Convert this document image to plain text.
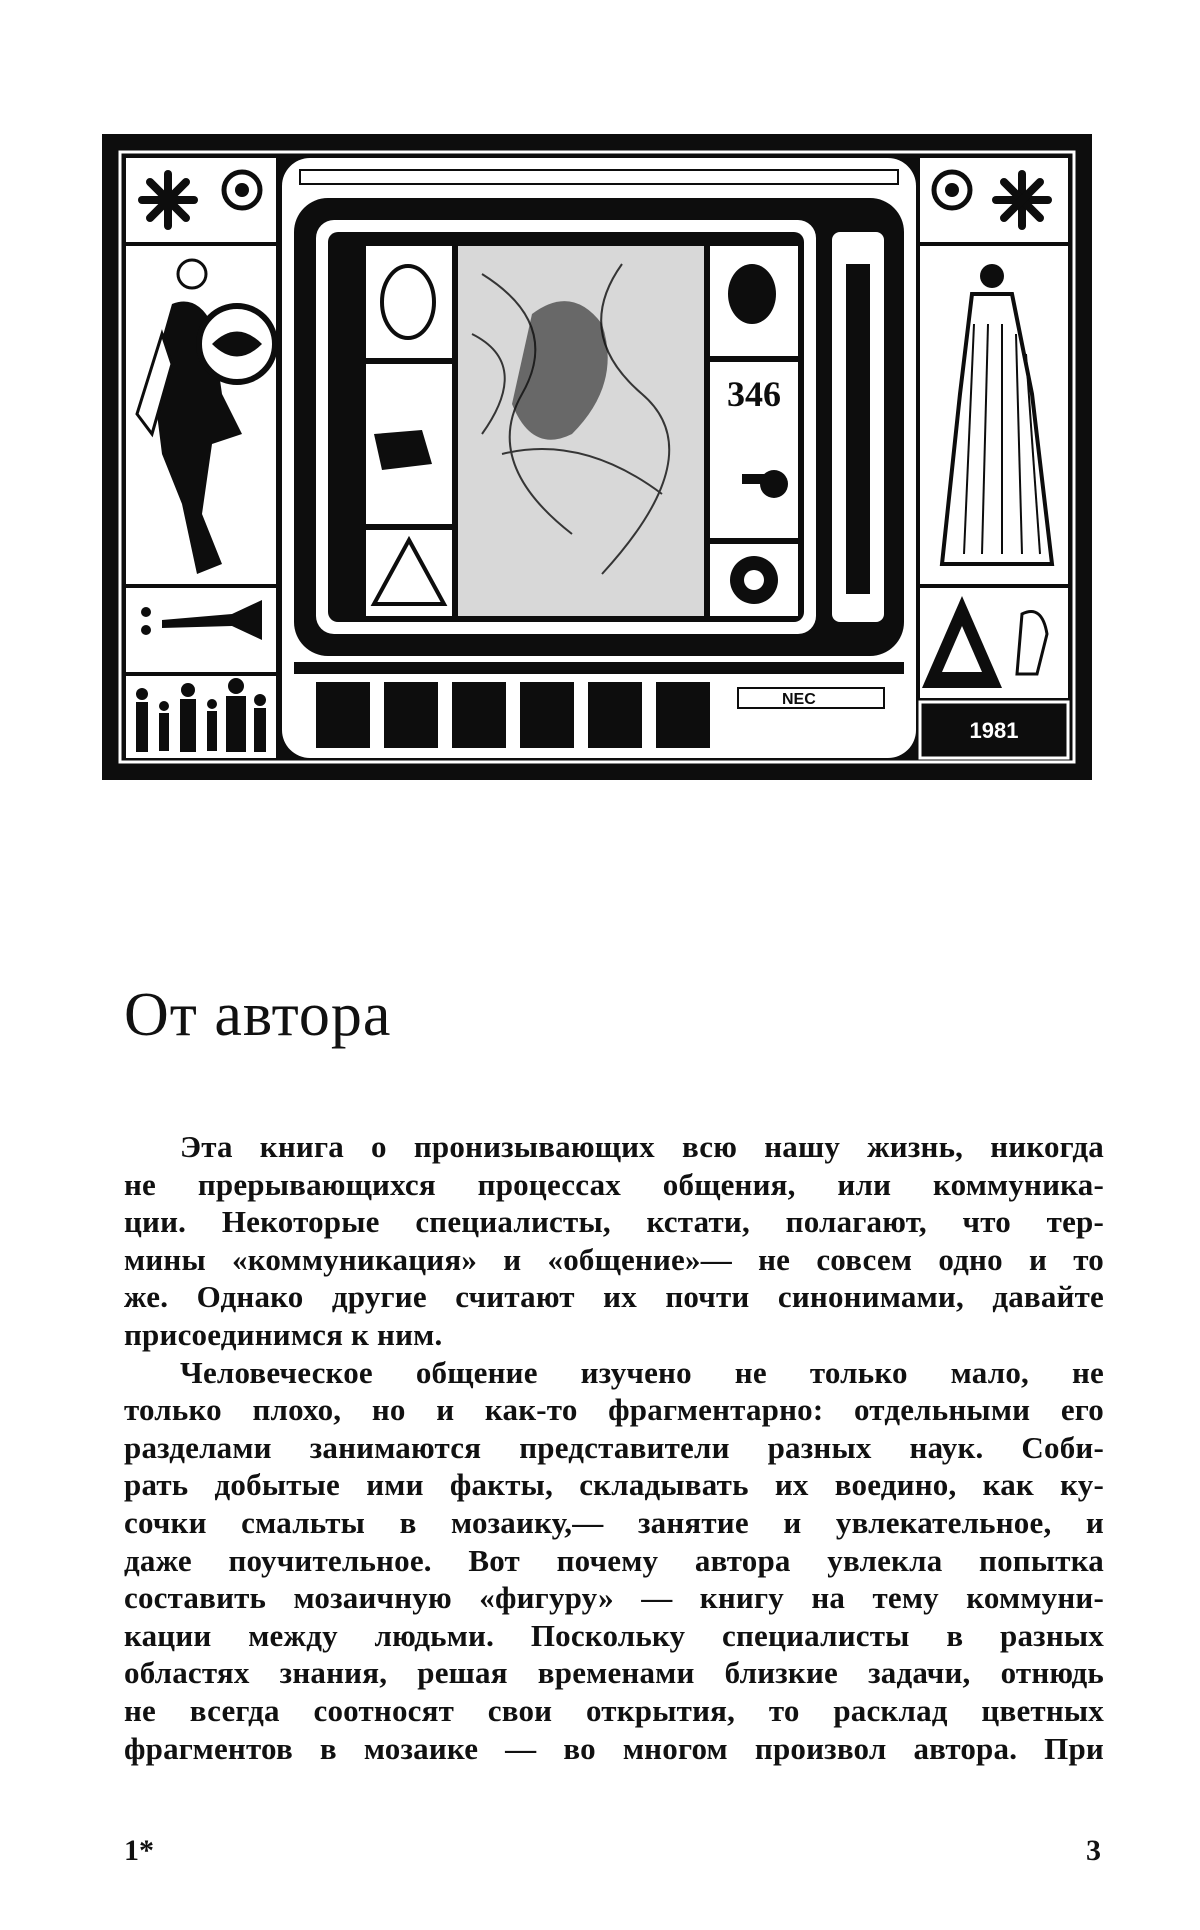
346
NEC
1981
От автора
Эта книга о пронизывающих всю нашу жизнь, никогда
не прерывающихся процессах общения, или коммуника-
ции. Некоторые специалисты, кстати, полагают, что тер-
мины «коммуникация» и «общение»— не совсем одно и то
же. Однако другие считают их почти синонимами, давайте
присоединимся к ним.
Человеческое общение изучено не только мало, не
только плохо, но и как-то фрагментарно: отдельными его
разделами занимаются представители разных наук. Соби-
рать добытые ими факты, складывать их воедино, как ку-
сочки смальты в мозаику,— занятие и увлекательное, и
даже поучительное. Вот почему автора увлекла попытка
составить мозаичную «фигуру» — книгу на тему коммуни-
кации между людьми. Поскольку специалисты в разных
областях знания, решая временами близкие задачи, отнюдь
не всегда соотносят свои открытия, то расклад цветных
фрагментов в мозаике — во многом произвол автора. При
1*	3
